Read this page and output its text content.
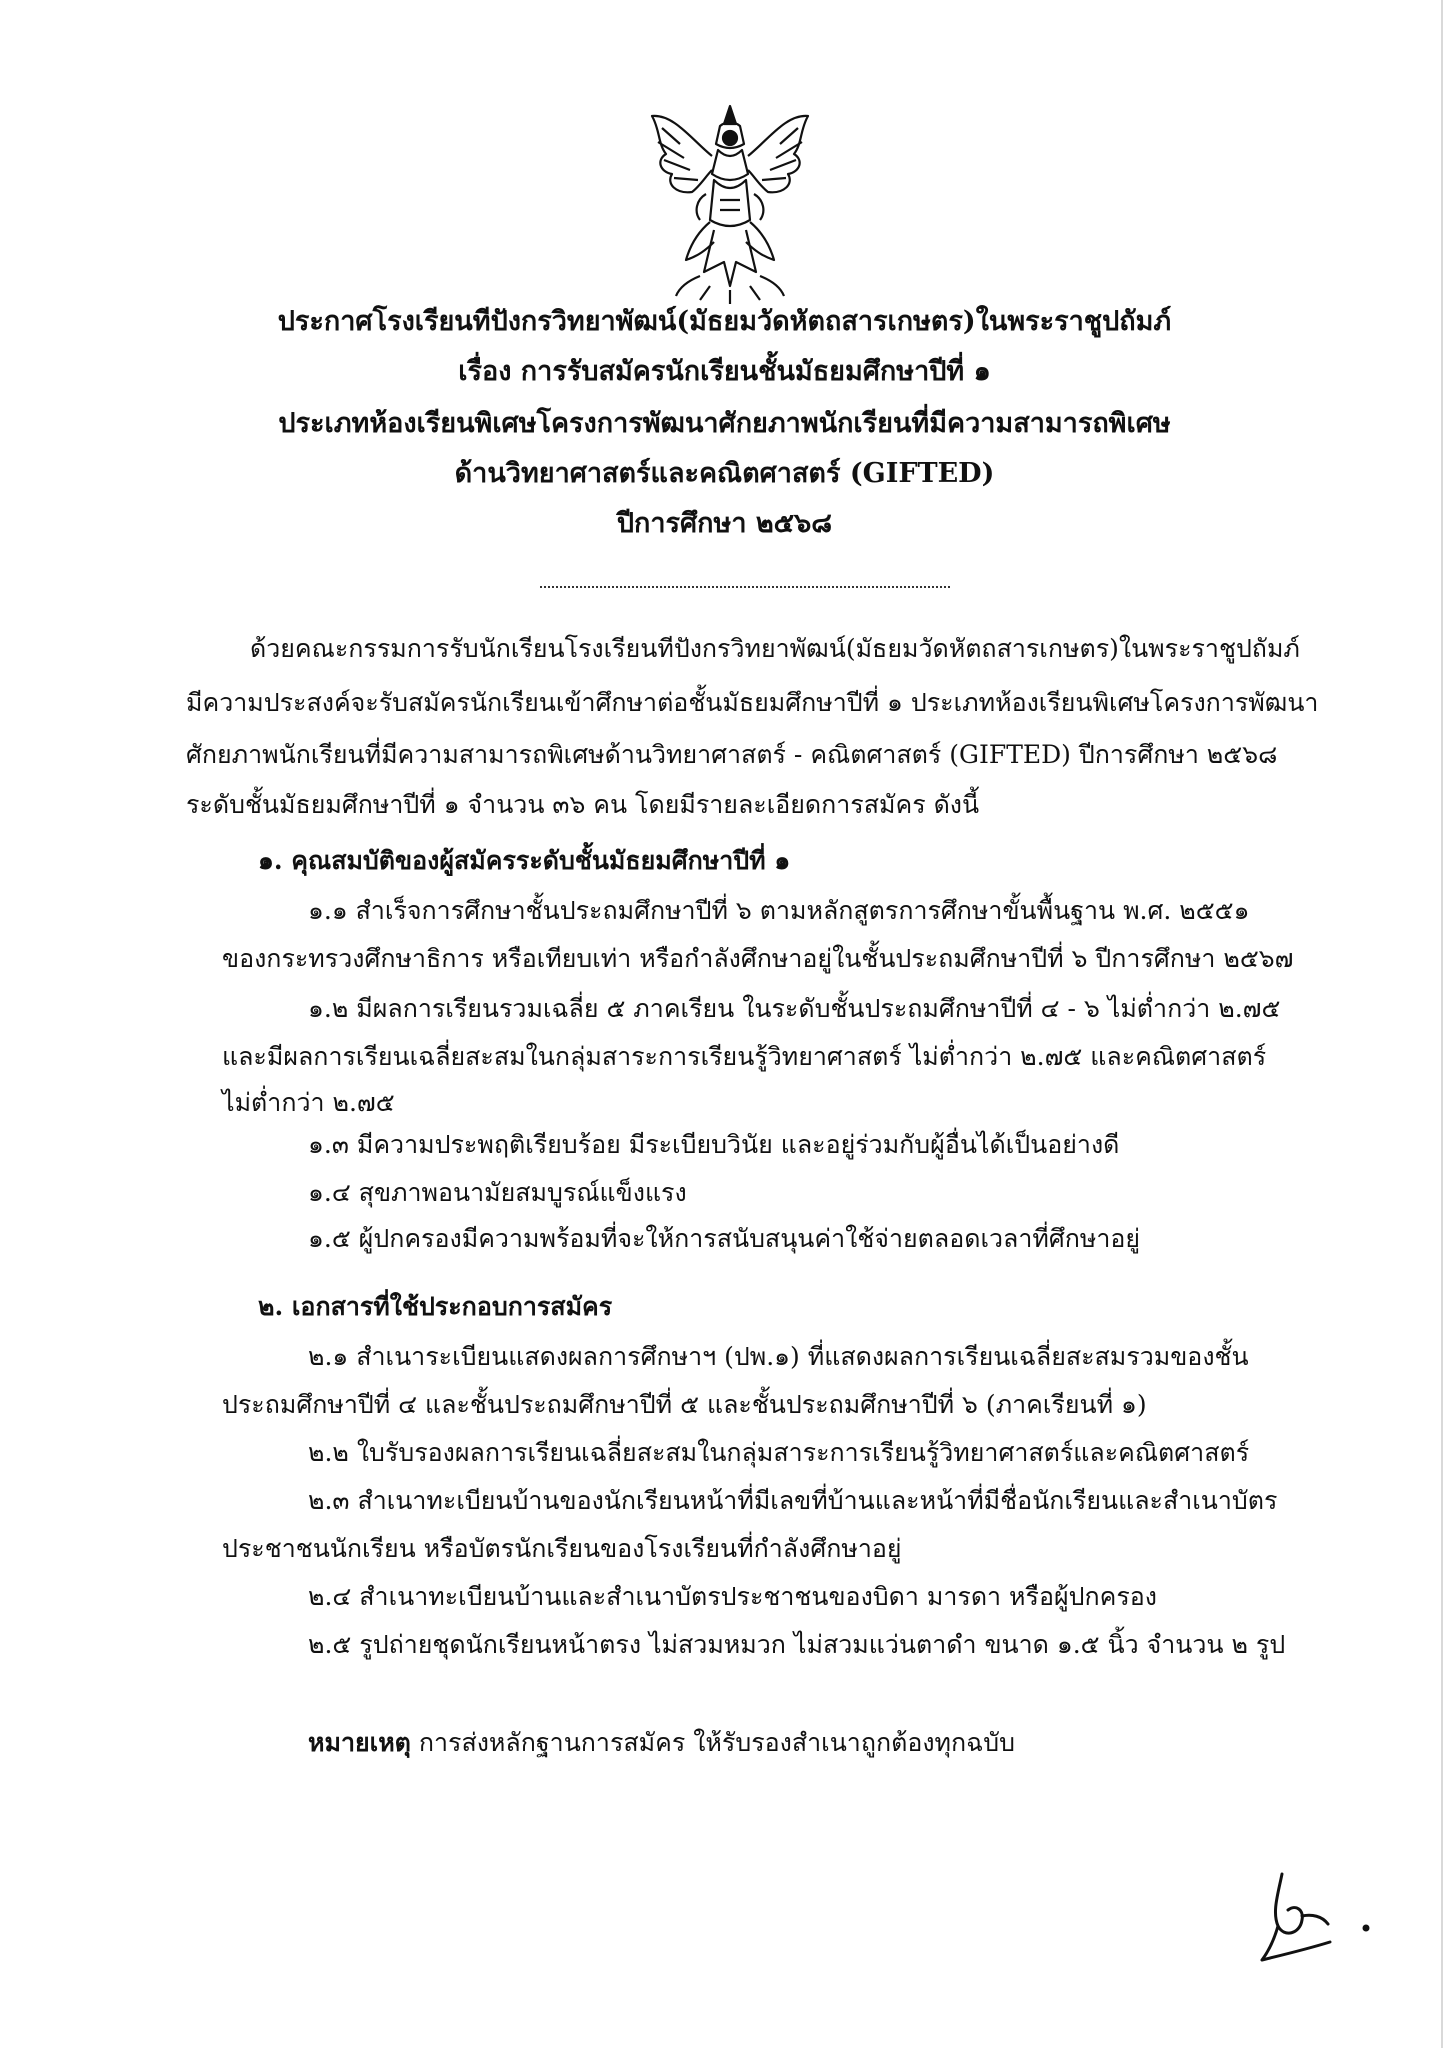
ประกาศโรงเรียนทีปังกรวิทยาพัฒน์(มัธยมวัดหัตถสารเกษตร)ในพระราชูปถัมภ์
เรื่อง การรับสมัครนักเรียนชั้นมัธยมศึกษาปีที่ ๑
ประเภทห้องเรียนพิเศษโครงการพัฒนาศักยภาพนักเรียนที่มีความสามารถพิเศษ
ด้านวิทยาศาสตร์และคณิตศาสตร์ (GIFTED)
ปีการศึกษา ๒๕๖๘
ด้วยคณะกรรมการรับนักเรียนโรงเรียนทีปังกรวิทยาพัฒน์(มัธยมวัดหัตถสารเกษตร)ในพระราชูปถัมภ์
มีความประสงค์จะรับสมัครนักเรียนเข้าศึกษาต่อชั้นมัธยมศึกษาปีที่ ๑ ประเภทห้องเรียนพิเศษโครงการพัฒนา
ศักยภาพนักเรียนที่มีความสามารถพิเศษด้านวิทยาศาสตร์ - คณิตศาสตร์ (GIFTED) ปีการศึกษา ๒๕๖๘
ระดับชั้นมัธยมศึกษาปีที่ ๑ จำนวน ๓๖ คน โดยมีรายละเอียดการสมัคร ดังนี้
๑. คุณสมบัติของผู้สมัครระดับชั้นมัธยมศึกษาปีที่ ๑
๑.๑ สำเร็จการศึกษาชั้นประถมศึกษาปีที่ ๖ ตามหลักสูตรการศึกษาขั้นพื้นฐาน พ.ศ. ๒๕๕๑
ของกระทรวงศึกษาธิการ หรือเทียบเท่า หรือกำลังศึกษาอยู่ในชั้นประถมศึกษาปีที่ ๖ ปีการศึกษา ๒๕๖๗
๑.๒ มีผลการเรียนรวมเฉลี่ย ๕ ภาคเรียน ในระดับชั้นประถมศึกษาปีที่ ๔ - ๖ ไม่ต่ำกว่า ๒.๗๕
และมีผลการเรียนเฉลี่ยสะสมในกลุ่มสาระการเรียนรู้วิทยาศาสตร์ ไม่ต่ำกว่า ๒.๗๕ และคณิตศาสตร์
ไม่ต่ำกว่า ๒.๗๕
๑.๓ มีความประพฤติเรียบร้อย มีระเบียบวินัย และอยู่ร่วมกับผู้อื่นได้เป็นอย่างดี
๑.๔ สุขภาพอนามัยสมบูรณ์แข็งแรง
๑.๕ ผู้ปกครองมีความพร้อมที่จะให้การสนับสนุนค่าใช้จ่ายตลอดเวลาที่ศึกษาอยู่
๒. เอกสารที่ใช้ประกอบการสมัคร
๒.๑ สำเนาระเบียนแสดงผลการศึกษาฯ (ปพ.๑) ที่แสดงผลการเรียนเฉลี่ยสะสมรวมของชั้น
ประถมศึกษาปีที่ ๔ และชั้นประถมศึกษาปีที่ ๕ และชั้นประถมศึกษาปีที่ ๖ (ภาคเรียนที่ ๑)
๒.๒ ใบรับรองผลการเรียนเฉลี่ยสะสมในกลุ่มสาระการเรียนรู้วิทยาศาสตร์และคณิตศาสตร์
๒.๓ สำเนาทะเบียนบ้านของนักเรียนหน้าที่มีเลขที่บ้านและหน้าที่มีชื่อนักเรียนและสำเนาบัตร
ประชาชนนักเรียน หรือบัตรนักเรียนของโรงเรียนที่กำลังศึกษาอยู่
๒.๔ สำเนาทะเบียนบ้านและสำเนาบัตรประชาชนของบิดา มารดา หรือผู้ปกครอง
๒.๕ รูปถ่ายชุดนักเรียนหน้าตรง ไม่สวมหมวก ไม่สวมแว่นตาดำ ขนาด ๑.๕ นิ้ว จำนวน ๒ รูป
หมายเหตุ การส่งหลักฐานการสมัคร ให้รับรองสำเนาถูกต้องทุกฉบับ
